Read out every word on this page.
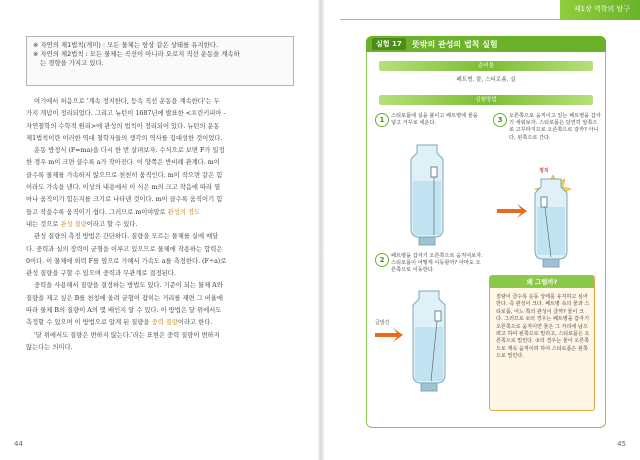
제1장 역학의 탐구
※ 자연의 제1법칙(개미) : 모든 물체는 항상 같은 상태를 유지한다.
※ 자연의 제2법칙 : 모든 물체는 곡선이 아니라 오로지 직선 운동을 계속하
는 경향을 가지고 있다.

여기에서 처음으로 '계속 정지한다, 등속 직선 운동을 계속한다'는 두

가지 개념이 정리되었다. 그리고 뉴턴이 1687년에 발표한 <프린키피아 -

자연철학의 수학적 원리>에 관성의 법칙이 정리되어 있다. 뉴턴의 운동

제1법칙이란 이러한 역대 철학자들의 생각의 역사를 집대성한 것이었다.

운동 방정식 (F=ma)을 다시 한 번 살펴보자. 수식으로 보면 F가 일정

한 경우 m이 크면 클수록 a가 작아진다. 이 양쪽은 반비례 관계다. m이

클수록 물체를 가속하지 않으므로 천천히 움직인다. m이 작으면 같은 힘

이라도 가속을 낸다. 이상의 내용에서 이 식은 m의 크고 작음에 따라 열

마나 움직이기 힘든지를 크기로 나타낸 것이다. m이 클수록 움직이기 힘

들고 작을수록 움직이기 쉽다. 그러므로 m이야말로 관성의 정도

내는 것으로 관성 질량이라고 할 수 있다.

관성 질량의 측정 방법은 간단하다. 질량을 모르는 물체를 실에 매달

다. 중력과 실의 장력이 균형을 이루고 있으므로 물체에 작용하는 합력은

0이다. 이 물체에 외력 F를 옆으로 가해서 가속도 a를 측정한다. (F÷a)로

관성 질량을 구할 수 있으며 중력과 무관계로 결정된다.

중력을 사용해서 질량을 결정하는 방법도 있다. 기준이 되는 물체 A와

질량을 재고 싶은 B를 천칭에 올려 균형이 잡히는 거리를 재면 그 비율에

따라 물체 B의 질량이 A의 몇 배인지 알 수 있다. 이 방법은 달 위에서도

측정할 수 있으며 이 방법으로 알게 된 질량을 중력 질량이라고 한다.

'달 위에서도 질량은 변하지 않는다.'라는 표현은 중력 질량이 변하지

않는다는 의미다.

44
실험 17	뜻밖의 관성의 법칙 실험
준비물
페트병, 물, 스티로폼, 실
실험방법
1	스티로폼에 실을 붙이고 페트병에 물을 넣고 거꾸로 세운다.
2	페트병을 갑자기 오른쪽으로 움직여보자. 스티로폼이 어떻게 이동할까? 아마도 오른쪽으로 이동한다.
급발진
3	오른쪽으로 움직이고 있는 페트병을 갑자기 세워보자. 스티로폼은 당연히 앞쪽으로 고꾸라지므로 오른쪽으로 갈까? 아니다, 왼쪽으로 간다.
정지
왜 그럴까?
질량이 클수록 운동 상태를 유지하고 싶어 한다. 즉 관성이 크다. 페트병 속의 물과 스티로폼, 어느 쪽의 관성이 클까? 물이 크다. 그러므로 ②의 경우는 페트병을 갑자기 오른쪽으로 움직이면 물은 그 자리에 남으려고 하여 왼쪽으로 밀리고, 스티로폼은 오른쪽으로 밀린다. ③의 경우는 물이 오른쪽으로 계속 움직이려 하여 스티로폼은 왼쪽으로 밀린다.
45
